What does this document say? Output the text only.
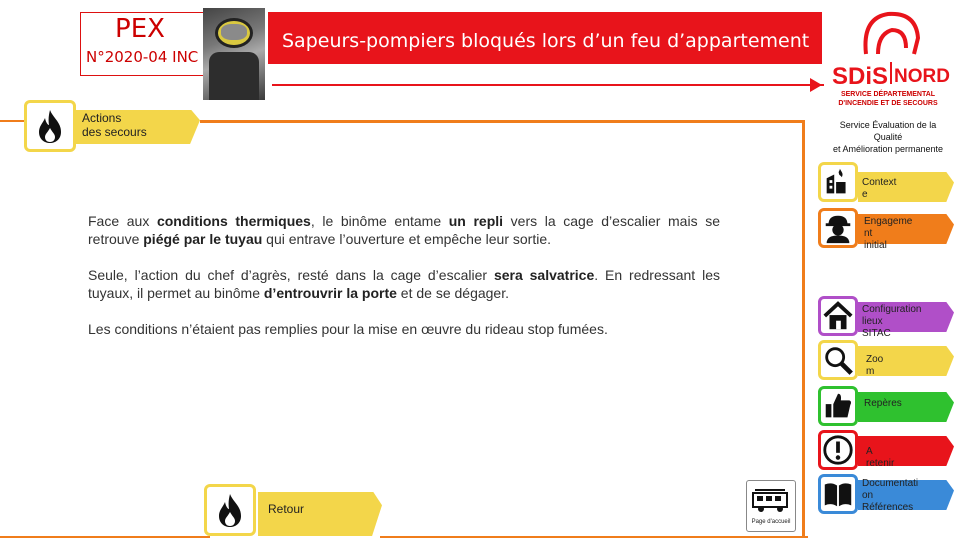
PEX
N°2020-04 INC
Sapeurs-pompiers bloqués lors d’un feu d’appartement
SDiS NORD
SERVICE DÉPARTEMENTAL
D'INCENDIE ET DE SECOURS
Service Évaluation de la
Qualité
et Amélioration permanente
Actions
des secours

Face aux conditions thermiques, le binôme entame un repli vers la cage d’escalier mais se retrouve piégé par le tuyau qui entrave l’ouverture et empêche leur sortie.

Seule, l’action du chef d’agrès, resté dans la cage d’escalier sera salvatrice. En redressant les tuyaux, il permet au binôme d’entrouvrir la porte et de se dégager.

Les conditions n’étaient pas remplies pour la mise en œuvre du rideau stop fumées.

Context
e
Engageme
nt
initial
Configuration
lieux
SITAC
Zoo
m
Repères
A
retenir
Documentati
on
Références
Retour
Page d'accueil
